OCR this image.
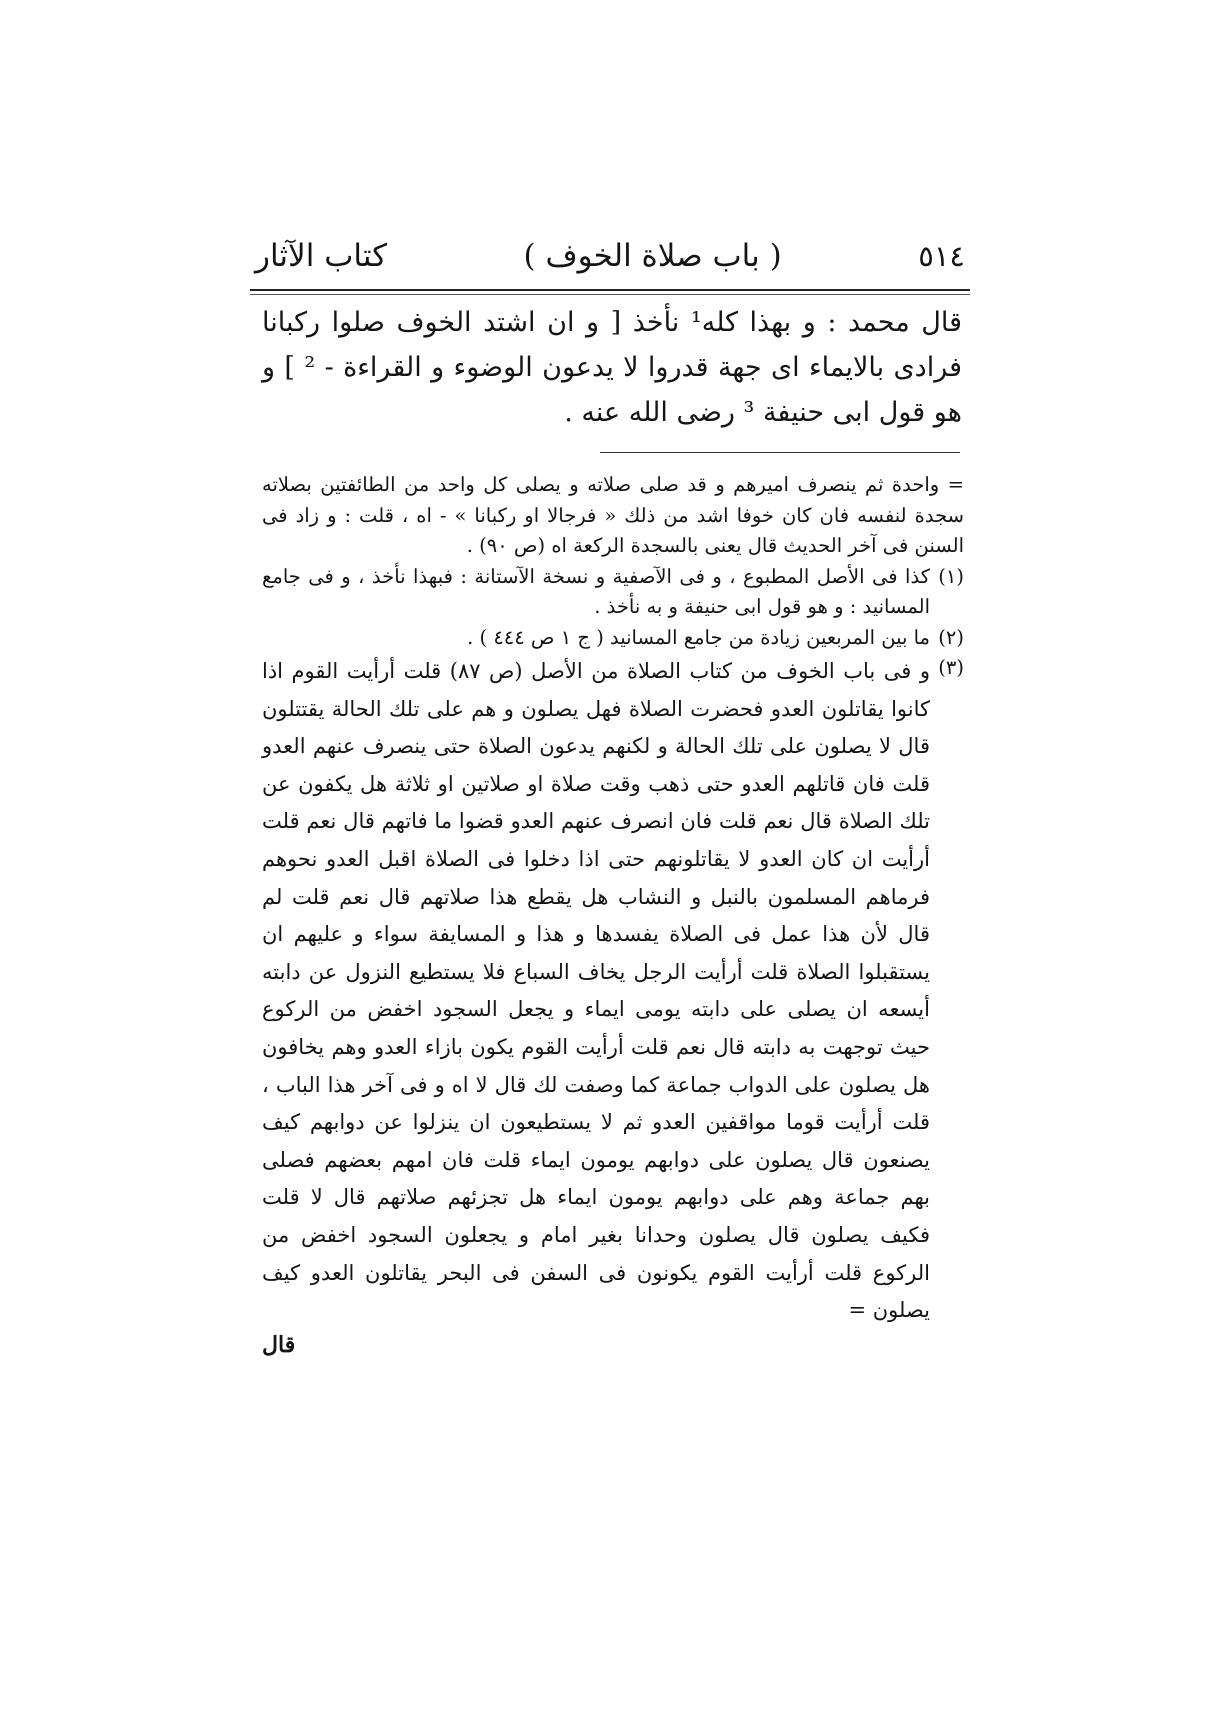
٥١٤
( باب صلاة الخوف )
كتاب الآثار

قال محمد : و بهذا كله¹ نأخذ [ و ان اشتد الخوف صلوا ركبانا فرادى بالايماء اى جهة قدروا لا يدعون الوضوء و القراءة - ² ] و هو قول ابى حنيفة ³ رضى الله عنه .

= واحدة ثم ينصرف اميرهم و قد صلى صلاته و يصلى كل واحد من الطائفتين بصلاته سجدة لنفسه فان كان خوفا اشد من ذلك « فرجالا او ركبانا » - اه ، قلت : و زاد فى السنن فى آخر الحديث قال يعنى بالسجدة الركعة اه (ص ٩٠) .

(١)

كذا فى الأصل المطبوع ، و فى الآصفية و نسخة الآستانة : فبهذا نأخذ ، و فى جامع المسانيد : و هو قول ابى حنيفة و به نأخذ .

(٢)

ما بين المربعين زيادة من جامع المسانيد ( ج ١ ص ٤٤٤ ) .

(٣)

و فى باب الخوف من كتاب الصلاة من الأصل (ص ٨٧) قلت أرأيت القوم اذا كانوا يقاتلون العدو فحضرت الصلاة فهل يصلون و هم على تلك الحالة يقتتلون قال لا يصلون على تلك الحالة و لكنهم يدعون الصلاة حتى ينصرف عنهم العدو قلت فان قاتلهم العدو حتى ذهب وقت صلاة او صلاتين او ثلاثة هل يكفون عن تلك الصلاة قال نعم قلت فان انصرف عنهم العدو قضوا ما فاتهم قال نعم قلت أرأيت ان كان العدو لا يقاتلونهم حتى اذا دخلوا فى الصلاة اقبل العدو نحوهم فرماهم المسلمون بالنبل و النشاب هل يقطع هذا صلاتهم قال نعم قلت لم قال لأن هذا عمل فى الصلاة يفسدها و هذا و المسايفة سواء و عليهم ان يستقبلوا الصلاة قلت أرأيت الرجل يخاف السباع فلا يستطيع النزول عن دابته أيسعه ان يصلى على دابته يومى ايماء و يجعل السجود اخفض من الركوع حيث توجهت به دابته قال نعم قلت أرأيت القوم يكون بازاء العدو وهم يخافون هل يصلون على الدواب جماعة كما وصفت لك قال لا اه و فى آخر هذا الباب ، قلت أرأيت قوما مواقفين العدو ثم لا يستطيعون ان ينزلوا عن دوابهم كيف يصنعون قال يصلون على دوابهم يومون ايماء قلت فان امهم بعضهم فصلى بهم جماعة وهم على دوابهم يومون ايماء هل تجزئهم صلاتهم قال لا قلت فكيف يصلون قال يصلون وحدانا بغير امام و يجعلون السجود اخفض من الركوع قلت أرأيت القوم يكونون فى السفن فى البحر يقاتلون العدو كيف يصلون =

قال
